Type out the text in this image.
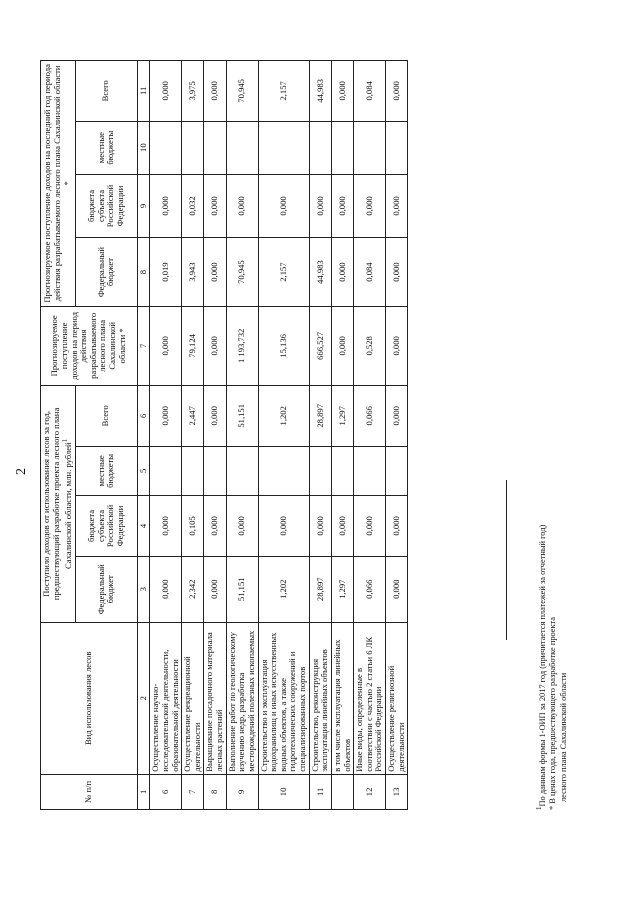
2
№ п/п	Вид использования лесов	Поступило доходов от использования лесов за год, предшествующий разработке проекта лесного плана Сахалинской области, млн. рублей$^1$				Прогнозируемое поступление доходов на период действия разрабатываемого лесного плана Сахалинской области *	Прогнозируемое поступление доходов на последний год периода действия разрабатываемого лесного плана Сахалинской области *			
		Федеральный бюджет	бюджета субъекта Российской Федерации	местные бюджеты	Всего		Федеральный бюджет	бюджета субъекта Российской Федерации	местные бюджеты	Всего
1	2	3	4	5	6	7	8	9	10	11
6	Осуществление научно-исследовательской деятельности, образовательной деятельности	0,000	0,000		0,000	0,000	0,019	0,000		0,000
7	Осуществление рекреационной деятельности	2,342	0,105		2,447	79,124	3,943	0,032		3,975
8	Выращивание посадочного материала лесных растений	0,000	0,000		0,000	0,000	0,000	0,000		0,000
9	Выполнение работ по геологическому изучению недр, разработка месторождений полезных ископаемых	51,151	0,000		51,151	1 193,732	70,945	0,000		70,945
10	Строительство и эксплуатация водохранилищ и иных искусственных водных объектов, а также гидротехнических сооружений и специализированных портов	1,202	0,000		1,202	15,136	2,157	0,000		2,157
11	Строительство, реконструкция эксплуатация линейных объектов	28,897	0,000		28,897	666,527	44,983	0,000		44,983
	в том числе эксплуатация линейных объектов	1,297	0,000		1,297	0,000	0,000	0,000		0,000
12	Иные виды, определенные в соответствии с частью 2 статьи 6 ЛК Российской Федерации	0,066	0,000		0,066	0,528	0,084	0,000		0,084
13	Осуществление религиозной деятельности	0,000	0,000		0,000	0,000	0,000	0,000		0,000
$^1$По данным формы 1-ОИП за 2017 год (причитается платежей за отчетный год)
* В ценах года, предшествующего разработке проекта лесного плана Сахалинской области
